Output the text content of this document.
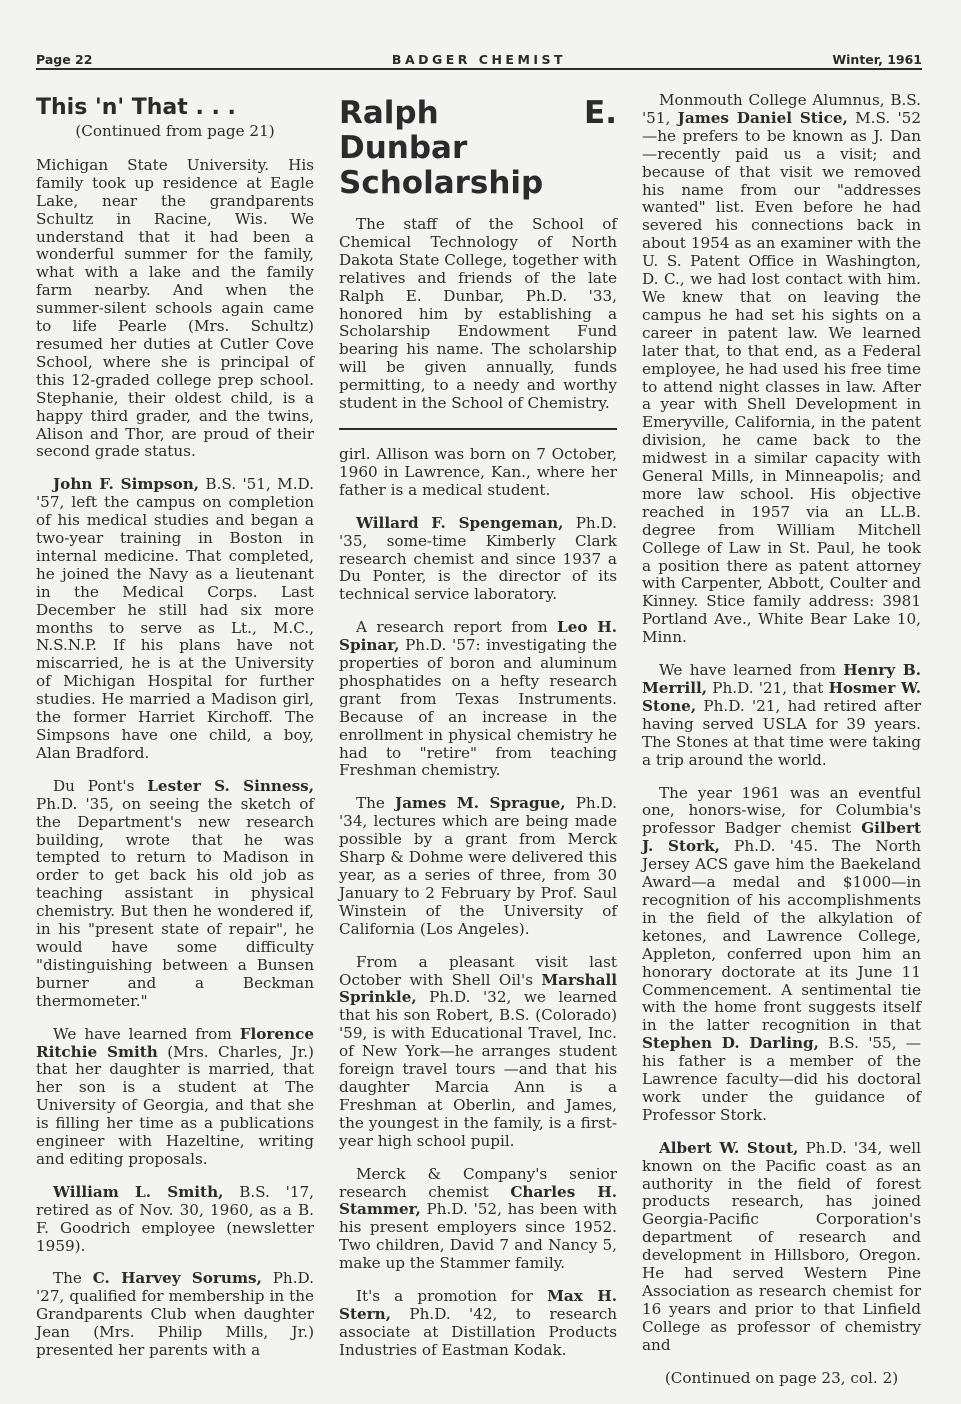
Page 22	BADGER CHEMIST	Winter, 1961
This 'n' That . . .
(Continued from page 21)

Michigan State University. His family took up residence at Eagle Lake, near the grandparents Schultz in Racine, Wis. We understand that it had been a wonderful summer for the family, what with a lake and the family farm nearby. And when the summer-silent schools again came to life Pearle (Mrs. Schultz) resumed her duties at Cutler Cove School, where she is principal of this 12-graded college prep school. Stephanie, their oldest child, is a happy third grader, and the twins, Alison and Thor, are proud of their second grade status.

John F. Simpson, B.S. '51, M.D. '57, left the campus on completion of his medical studies and began a two-year training in Boston in internal medicine. That completed, he joined the Navy as a lieutenant in the Medical Corps. Last December he still had six more months to serve as Lt., M.C., N.S.N.P. If his plans have not miscarried, he is at the University of Michigan Hospital for further studies. He married a Madison girl, the former Harriet Kirchoff. The Simpsons have one child, a boy, Alan Bradford.

Du Pont's Lester S. Sinness, Ph.D. '35, on seeing the sketch of the Department's new research building, wrote that he was tempted to return to Madison in order to get back his old job as teaching assistant in physical chemistry. But then he wondered if, in his "present state of repair", he would have some difficulty "distinguishing between a Bunsen burner and a Beckman thermometer."

We have learned from Florence Ritchie Smith (Mrs. Charles, Jr.) that her daughter is married, that her son is a student at The University of Georgia, and that she is filling her time as a publications engineer with Hazeltine, writing and editing proposals.

William L. Smith, B.S. '17, retired as of Nov. 30, 1960, as a B. F. Goodrich employee (newsletter 1959).

The C. Harvey Sorums, Ph.D. '27, qualified for membership in the Grandparents Club when daughter Jean (Mrs. Philip Mills, Jr.) presented her parents with a

Ralph E. Dunbar Scholarship

The staff of the School of Chemical Technology of North Dakota State College, together with relatives and friends of the late Ralph E. Dunbar, Ph.D. '33, honored him by establishing a Scholarship Endowment Fund bearing his name. The scholarship will be given annually, funds permitting, to a needy and worthy student in the School of Chemistry.

girl. Allison was born on 7 October, 1960 in Lawrence, Kan., where her father is a medical student.

Willard F. Spengeman, Ph.D. '35, some-time Kimberly Clark research chemist and since 1937 a Du Ponter, is the director of its technical service laboratory.

A research report from Leo H. Spinar, Ph.D. '57: investigating the properties of boron and aluminum phosphatides on a hefty research grant from Texas Instruments. Because of an increase in the enrollment in physical chemistry he had to "retire" from teaching Freshman chemistry.

The James M. Sprague, Ph.D. '34, lectures which are being made possible by a grant from Merck Sharp & Dohme were delivered this year, as a series of three, from 30 January to 2 February by Prof. Saul Winstein of the University of California (Los Angeles).

From a pleasant visit last October with Shell Oil's Marshall Sprinkle, Ph.D. '32, we learned that his son Robert, B.S. (Colorado) '59, is with Educational Travel, Inc. of New York—he arranges student foreign travel tours —and that his daughter Marcia Ann is a Freshman at Oberlin, and James, the youngest in the family, is a first-year high school pupil.

Merck & Company's senior research chemist Charles H. Stammer, Ph.D. '52, has been with his present employers since 1952. Two children, David 7 and Nancy 5, make up the Stammer family.

It's a promotion for Max H. Stern, Ph.D. '42, to research associate at Distillation Products Industries of Eastman Kodak.

Monmouth College Alumnus, B.S. '51, James Daniel Stice, M.S. '52—he prefers to be known as J. Dan —recently paid us a visit; and because of that visit we removed his name from our "addresses wanted" list. Even before he had severed his connections back in about 1954 as an examiner with the U. S. Patent Office in Washington, D. C., we had lost contact with him. We knew that on leaving the campus he had set his sights on a career in patent law. We learned later that, to that end, as a Federal employee, he had used his free time to attend night classes in law. After a year with Shell Development in Emeryville, California, in the patent division, he came back to the midwest in a similar capacity with General Mills, in Minneapolis; and more law school. His objective reached in 1957 via an LL.B. degree from William Mitchell College of Law in St. Paul, he took a position there as patent attorney with Carpenter, Abbott, Coulter and Kinney. Stice family address: 3981 Portland Ave., White Bear Lake 10, Minn.

We have learned from Henry B. Merrill, Ph.D. '21, that Hosmer W. Stone, Ph.D. '21, had retired after having served USLA for 39 years. The Stones at that time were taking a trip around the world.

The year 1961 was an eventful one, honors-wise, for Columbia's professor Badger chemist Gilbert J. Stork, Ph.D. '45. The North Jersey ACS gave him the Baekeland Award—a medal and $1000—in recognition of his accomplishments in the field of the alkylation of ketones, and Lawrence College, Appleton, conferred upon him an honorary doctorate at its June 11 Commencement. A sentimental tie with the home front suggests itself in the latter recognition in that Stephen D. Darling, B.S. '55, —his father is a member of the Lawrence faculty—did his doctoral work under the guidance of Professor Stork.

Albert W. Stout, Ph.D. '34, well known on the Pacific coast as an authority in the field of forest products research, has joined Georgia-Pacific Corporation's department of research and development in Hillsboro, Oregon. He had served Western Pine Association as research chemist for 16 years and prior to that Linfield College as professor of chemistry and

(Continued on page 23, col. 2)
